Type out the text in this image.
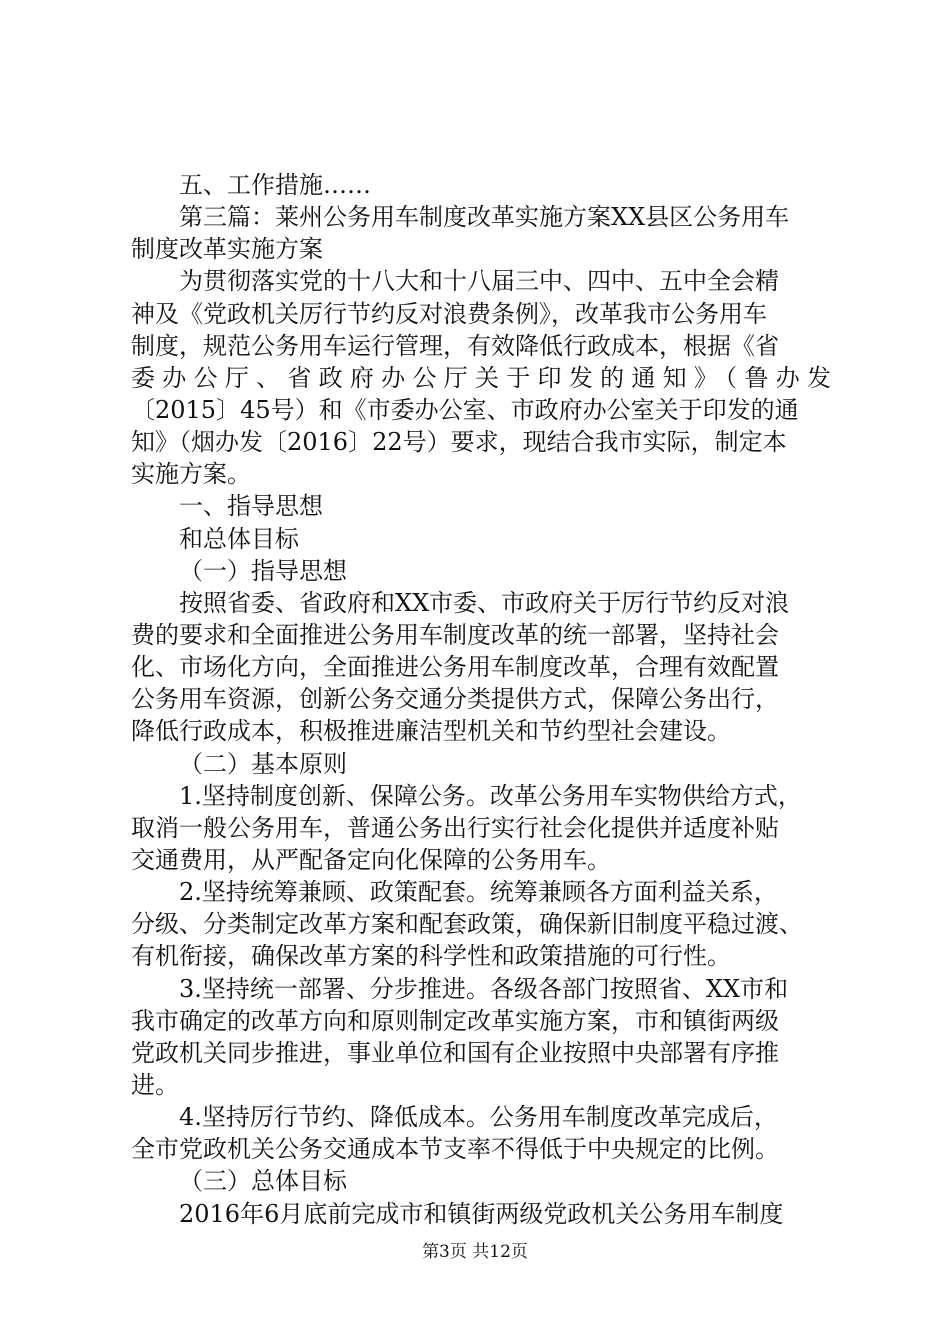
五、工作措施……
第三篇：莱州公务用车制度改革实施方案XX县区公务用车
制度改革实施方案
为贯彻落实党的十八大和十八届三中、四中、五中全会精
神及《党政机关厉行节约反对浪费条例》，改革我市公务用车
制度，规范公务用车运行管理，有效降低行政成本，根据《省
委办公厅、省政府办公厅关于印发的通知》（鲁办发
〔2015〕45号）和《市委办公室、市政府办公室关于印发的通
知》（烟办发〔2016〕22号）要求，现结合我市实际，制定本
实施方案。
一、指导思想
和总体目标
（一）指导思想
按照省委、省政府和XX市委、市政府关于厉行节约反对浪
费的要求和全面推进公务用车制度改革的统一部署，坚持社会
化、市场化方向，全面推进公务用车制度改革，合理有效配置
公务用车资源，创新公务交通分类提供方式，保障公务出行，
降低行政成本，积极推进廉洁型机关和节约型社会建设。
（二）基本原则
1.坚持制度创新、保障公务。改革公务用车实物供给方式，
取消一般公务用车，普通公务出行实行社会化提供并适度补贴
交通费用，从严配备定向化保障的公务用车。
2.坚持统筹兼顾、政策配套。统筹兼顾各方面利益关系，
分级、分类制定改革方案和配套政策，确保新旧制度平稳过渡、
有机衔接，确保改革方案的科学性和政策措施的可行性。
3.坚持统一部署、分步推进。各级各部门按照省、XX市和
我市确定的改革方向和原则制定改革实施方案，市和镇街两级
党政机关同步推进，事业单位和国有企业按照中央部署有序推
进。
4.坚持厉行节约、降低成本。公务用车制度改革完成后，
全市党政机关公务交通成本节支率不得低于中央规定的比例。
（三）总体目标
2016年6月底前完成市和镇街两级党政机关公务用车制度
第3页 共12页
